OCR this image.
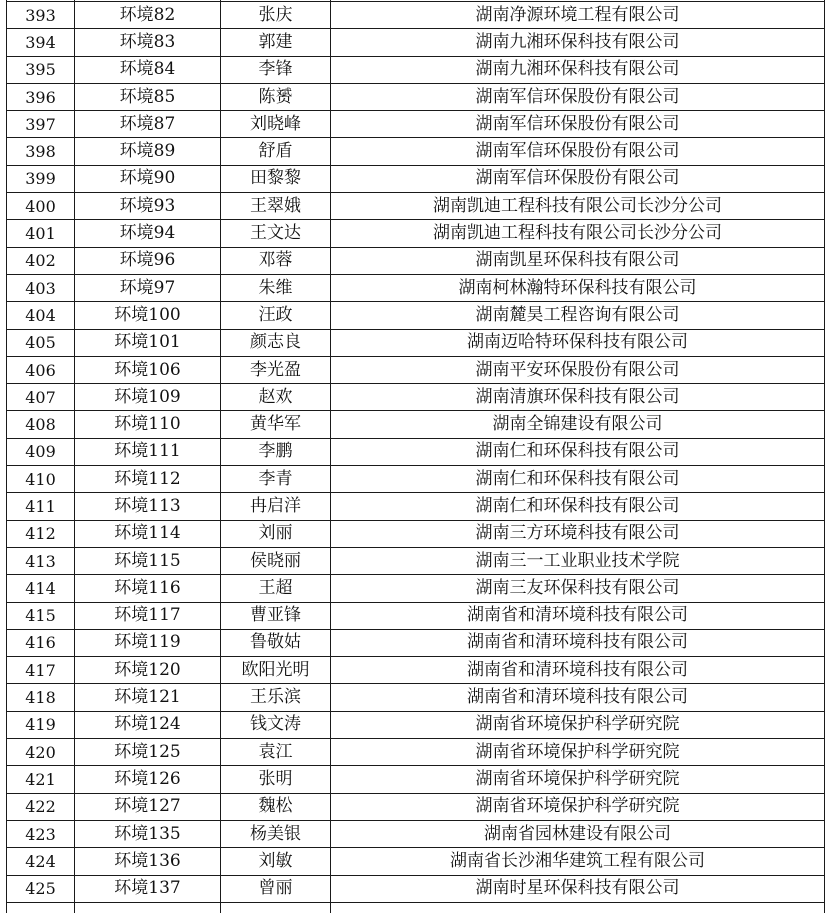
393	环境82	张庆	湖南净源环境工程有限公司
394	环境83	郭建	湖南九湘环保科技有限公司
395	环境84	李锋	湖南九湘环保科技有限公司
396	环境85	陈赟	湖南军信环保股份有限公司
397	环境87	刘晓峰	湖南军信环保股份有限公司
398	环境89	舒盾	湖南军信环保股份有限公司
399	环境90	田黎黎	湖南军信环保股份有限公司
400	环境93	王翠娥	湖南凯迪工程科技有限公司长沙分公司
401	环境94	王文达	湖南凯迪工程科技有限公司长沙分公司
402	环境96	邓蓉	湖南凯星环保科技有限公司
403	环境97	朱维	湖南柯林瀚特环保科技有限公司
404	环境100	汪政	湖南麓昊工程咨询有限公司
405	环境101	颜志良	湖南迈哈特环保科技有限公司
406	环境106	李光盈	湖南平安环保股份有限公司
407	环境109	赵欢	湖南清旗环保科技有限公司
408	环境110	黄华军	湖南全锦建设有限公司
409	环境111	李鹏	湖南仁和环保科技有限公司
410	环境112	李青	湖南仁和环保科技有限公司
411	环境113	冉启洋	湖南仁和环保科技有限公司
412	环境114	刘丽	湖南三方环境科技有限公司
413	环境115	侯晓丽	湖南三一工业职业技术学院
414	环境116	王超	湖南三友环保科技有限公司
415	环境117	曹亚锋	湖南省和清环境科技有限公司
416	环境119	鲁敬姑	湖南省和清环境科技有限公司
417	环境120	欧阳光明	湖南省和清环境科技有限公司
418	环境121	王乐滨	湖南省和清环境科技有限公司
419	环境124	钱文涛	湖南省环境保护科学研究院
420	环境125	袁江	湖南省环境保护科学研究院
421	环境126	张明	湖南省环境保护科学研究院
422	环境127	魏松	湖南省环境保护科学研究院
423	环境135	杨美银	湖南省园林建设有限公司
424	环境136	刘敏	湖南省长沙湘华建筑工程有限公司
425	环境137	曾丽	湖南时星环保科技有限公司
